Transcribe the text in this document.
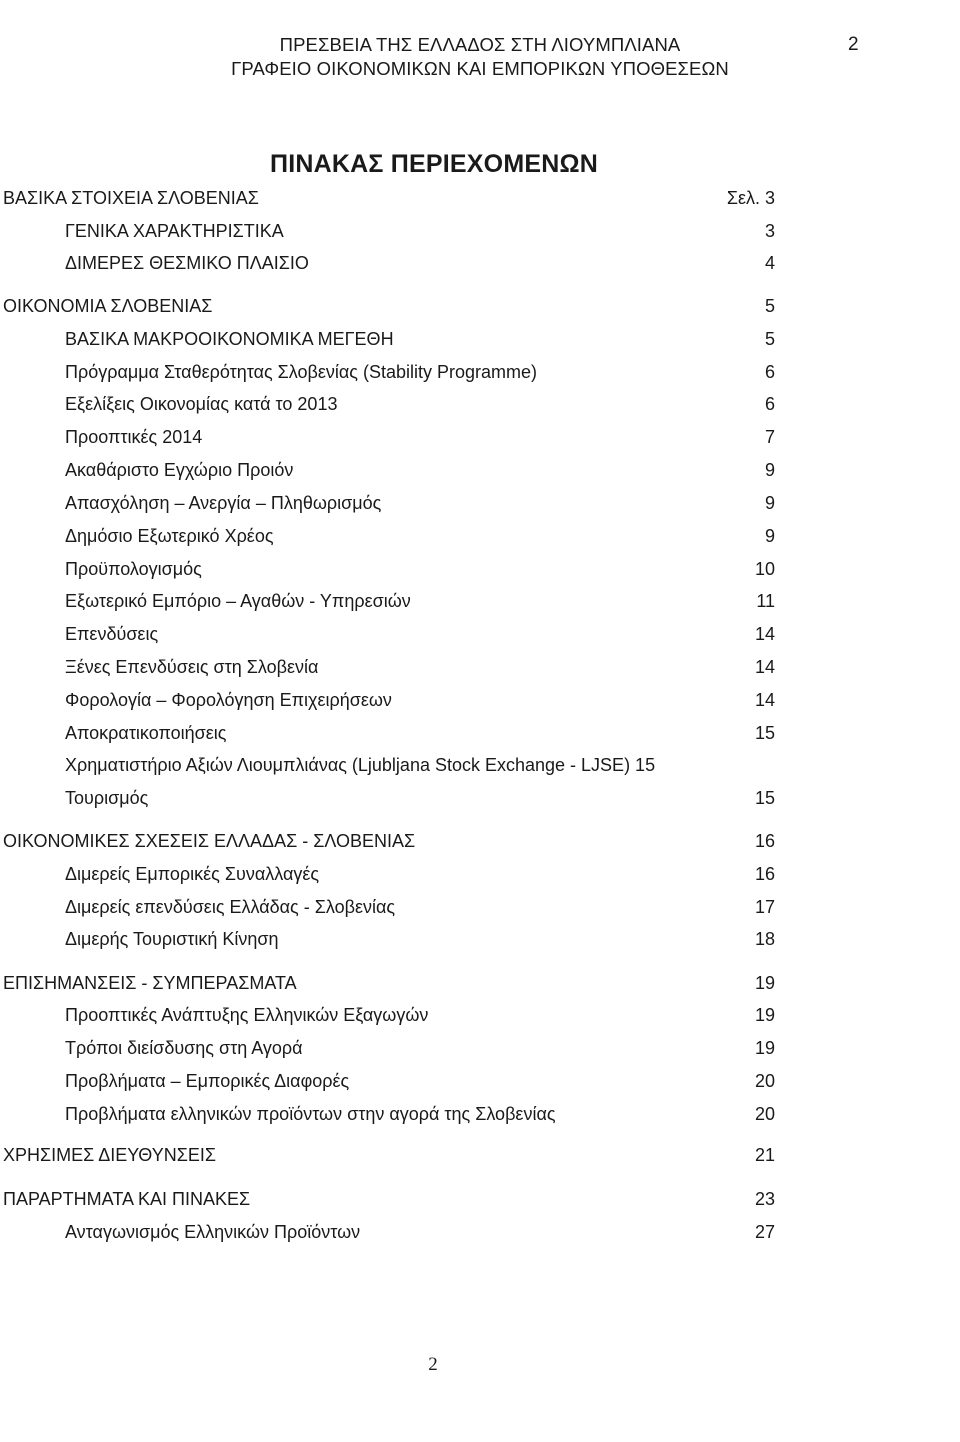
ΠΡΕΣΒΕΙΑ ΤΗΣ ΕΛΛΑΔΟΣ ΣΤΗ ΛΙΟΥΜΠΛΙΑΝΑ
ΓΡΑΦΕΙΟ ΟΙΚΟΝΟΜΙΚΩΝ ΚΑΙ ΕΜΠΟΡΙΚΩΝ ΥΠΟΘΕΣΕΩΝ
2
ΠΙΝΑΚΑΣ ΠΕΡΙΕΧΟΜΕΝΩΝ
ΒΑΣΙΚΑ ΣΤΟΙΧΕΙΑ ΣΛΟΒΕΝΙΑΣ	Σελ. 3
ΓΕΝΙΚΑ ΧΑΡΑΚΤΗΡΙΣΤΙΚΑ	3
ΔΙΜΕΡΕΣ ΘΕΣΜΙΚΟ ΠΛΑΙΣΙΟ	4
ΟΙΚΟΝΟΜΙΑ ΣΛΟΒΕΝΙΑΣ	5
ΒΑΣΙΚΑ ΜΑΚΡΟΟΙΚΟΝΟΜΙΚΑ ΜΕΓΕΘΗ	5
Πρόγραμμα Σταθερότητας Σλοβενίας (Stability Programme)	6
Εξελίξεις Οικονομίας κατά το 2013	6
Προοπτικές 2014	7
Ακαθάριστο Εγχώριο Προιόν	9
Απασχόληση – Ανεργία – Πληθωρισμός	9
Δημόσιο Εξωτερικό Χρέος	9
Προϋπολογισμός	10
Εξωτερικό Εμπόριο – Αγαθών - Υπηρεσιών	11
Επενδύσεις	14
Ξένες Επενδύσεις στη Σλοβενία	14
Φορολογία – Φορολόγηση Επιχειρήσεων	14
Αποκρατικοποιήσεις	15
Χρηματιστήριο Αξιών Λιουμπλιάνας (Ljubljana Stock Exchange - LJSE) 15
Τουρισμός	15
ΟΙΚΟΝΟΜΙΚΕΣ ΣΧΕΣΕΙΣ ΕΛΛΑΔΑΣ - ΣΛΟΒΕΝΙΑΣ	16
Διμερείς Εμπορικές Συναλλαγές	16
Διμερείς επενδύσεις Ελλάδας - Σλοβενίας	17
Διμερής Τουριστική Κίνηση	18
ΕΠΙΣΗΜΑΝΣΕΙΣ - ΣΥΜΠΕΡΑΣΜΑΤΑ	19
Προοπτικές Ανάπτυξης Ελληνικών Εξαγωγών	19
Τρόποι διείσδυσης στη Αγορά	19
Προβλήματα – Εμπορικές Διαφορές	20
Προβλήματα ελληνικών προϊόντων στην αγορά της Σλοβενίας	20
ΧΡΗΣΙΜΕΣ ΔΙΕΥΘΥΝΣΕΙΣ	21
ΠΑΡΑΡΤΗΜΑΤΑ ΚΑΙ ΠΙΝΑΚΕΣ	23
Ανταγωνισμός Ελληνικών Προϊόντων	27
2
